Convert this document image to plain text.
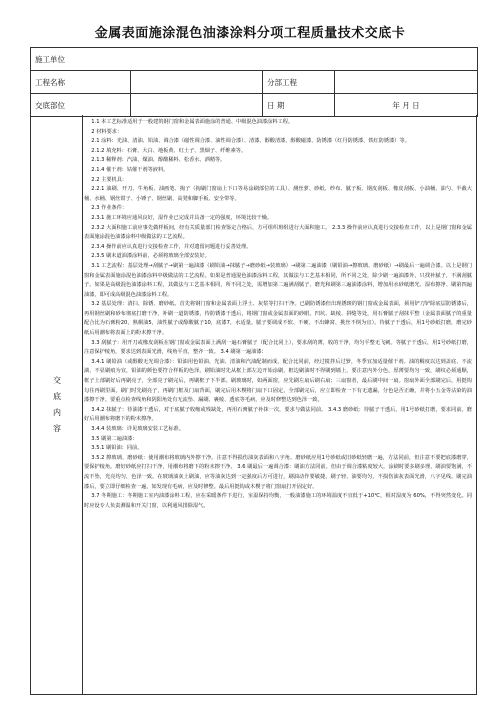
金属表面施涂混色油漆涂料分项工程质量技术交底卡
施工单位			
工程名称		分部工程	
交底部位		日 期	年 月 日
交
底
内
容

1.1 本工艺标准适用于一般建筑钢门窗和金属表面施涂的普通、中级混色油漆涂料工程。

2 材料要求：

2.1 涂料：光油、清油、铅油、调合漆（磁性调合漆、油性调合漆）、清漆、醇酸清漆、醇酸磁漆、防锈漆（红丹防锈漆、铁红防锈漆）等。

2.1.2 填充料：石膏、大白、地板黄、红土子、黑烟子、纤维素等。

2.1.3 稀释剂：汽油、煤油、醇酸稀料、松香水、酒精等。

2.1.4 催干剂：钴催干剂等液料。

2.2 主要机具：

2.2.1 油刷、开刀、牛角板、油画笔、掏子（掏刷门窗扇上下口等易涂刷部位的工具）、测丝萝、砂纸、纱布、腻子板、钢皮刮板、橡皮刮板、小油桶、油勺、半截大桶、水桶、钢丝钳子、小锤子、钢丝刷、高凳和脚手板、安全带等。

2.3 作业条件：

2.3.1 施工环境应通风良好，湿作业已完成并具备一定的强度，环境比较干燥。

2.3.2 大面积施工前应事先做样板间，经有关质量部门检查鉴定合格后，方可组织班组进行大面积施工。 2.3.3 操作前应认真进行交接检查工作，以上是钢门窗和金属表面施涂混色油漆涂料中级做法的工艺流程。

2.3.4 操作前应认真进行交接检查工作，并对遗留问题进行妥善处理。

2.3.5 刷末道油漆涂料前，必须将玻璃全部安装好。

3.1 工艺流程：基层处理→刮腻子→刷第一遍油漆（刷铅油→抹腻子→磨砂纸→装玻璃）→刷第二遍油漆（刷铅油→擦玻璃、磨砂纸）→刷最后一遍调合漆。以上是钢门窗和金属表面施涂混色油漆涂料中级做法的工艺流程。如果是普通混色油漆涂料工程，其做法与工艺基本相同，所不同之处，除少刷一遍油漆外，只找补腻子，不满刮腻子。如果是高级混色油漆涂料工程，其做法与工艺基本相同，所不同之处，需增加第二遍满刮腻子、磨光和刷第三遍油漆涂料，增加用水砂纸磨光、湿布擦净、刷第四遍油漆，即可成高级混色油漆涂料工程。

3.2 基层处理：清扫、除锈、磨砂纸。首先将钢门窗和金属表面上浮土、灰浆等打扫干净。已刷防锈漆但出现锈斑的钢门窗或金属表面，须用铲刀铲除底层防锈漆后，再用钢丝刷和砂布彻底打磨干净，补刷一道防锈漆，待防锈漆干透后，将钢门窗或金属表面的砂眼、凹坑、缺棱、拼缝等处，用石膏腻子刮抹平整（金属表面腻子的重量配合比为石膏粉20，熟桐油5，油性腻子或醇酸腻子10，底漆7，水适量。腻子要调成不软、不硬、不出蜂窝、挑丝不倒为宜）。待腻子干透后，用1号砂纸打磨，磨完砂纸后用潮布将表面上的粉末擦干净。

3.3 刮腻子：用开刀或橡皮刮板在钢门窗或金属表面上满刮一遍石膏腻子（配合比同上），要求刮的薄，收的干净，均匀平整无飞刺。等腻子干透后，用1号砂纸打磨，注意保护棱角，要求达到表面光滑，线角平直，整齐一致。 3.4 刷第一遍油漆：

3.4.1 刷铅油（或醇酸无光调合漆）：铅油用色铅油、光油、清油和汽油配制而成，配合比同前，经过搅拌后过箩，冬季宜加适量催干剂。油的稠度以达到盖底、不流淌、不显刷痕为宜，铅油的颜色要符合样板的色泽。刷铅油时先从框上部左边开始涂刷，框边刷油时不得刷到墙上，要注意内外分色，厚薄要均匀一致，刷纹必须通顺，框子上部刷好后再刷亮子，全部亮子刷完后，再刷框子下半部。刷玻璃时，如两面窗，应先刷左扇后刷右扇；三扇窗者，最后刷中间一扇。窗扇外面全部刷完后，用挺钩勾住再刷里面。刷门时先刷亮子，再刷门框及门扇背面，刷完后用木楔将门扇下口固定，全部刷完后，应立即检查一下有无遗漏，分色是否正确，并将小五金等沾染的油漆擦干净。要重点检查线角和阴阳角处有无流坠、漏刷、裹棱、透底等毛病，应及时修整达到色泽一致。

3.4.2 抹腻子：待油漆干透后，对于底腻子收缩或残缺处，再用石膏腻子补抹一次，要求与做法同前。 3.4.3 磨砂纸：待腻子干透后，用1号砂纸打磨，要求同前。磨好后用潮布将磨下的粉末擦净。

3.4.4 装玻璃：详见玻璃安装工艺标准。

3.5 刷第二遍油漆：

3.5.1 刷铅油：同前。

3.5.2 擦玻璃、磨砂纸：使用潮布将玻璃内外擦干净。注意不得损伤油灰表面和八字角。磨砂纸应用1号砂纸或旧砂纸轻磨一遍，方法同前，但注意不要把底漆磨穿，要保护棱角。磨好砂纸应打扫干净，用潮布将磨下的粉末擦干净。 3.6 刷最后一遍调合漆：刷油方法同前。但由于调合漆粘度较大，涂刷时要多刷多理，刷油要饱满，不流不坠，光亮均匀，色泽一致。在玻璃油灰上刷油，应等油灰达到一定强度后方可进行，刷油动作要敏捷，刷子轻、油要均匀，不损伤油灰表面光滑，八字见线。刷完油漆后，要立即仔细检查一遍，如发现有毛病，应及时修整。最后用挺钩或木楔子将门窗扇打开固定好。

3.7 冬期施工：冬期施工室内油漆涂料工程，应在采暖条件下进行，室温保持均衡，一般油漆施工的环境温度不宜低于+10℃，相对湿度为 60%，不得突然变化。同时应设专人负责测温和开关门窗，以利通风排除湿气。
